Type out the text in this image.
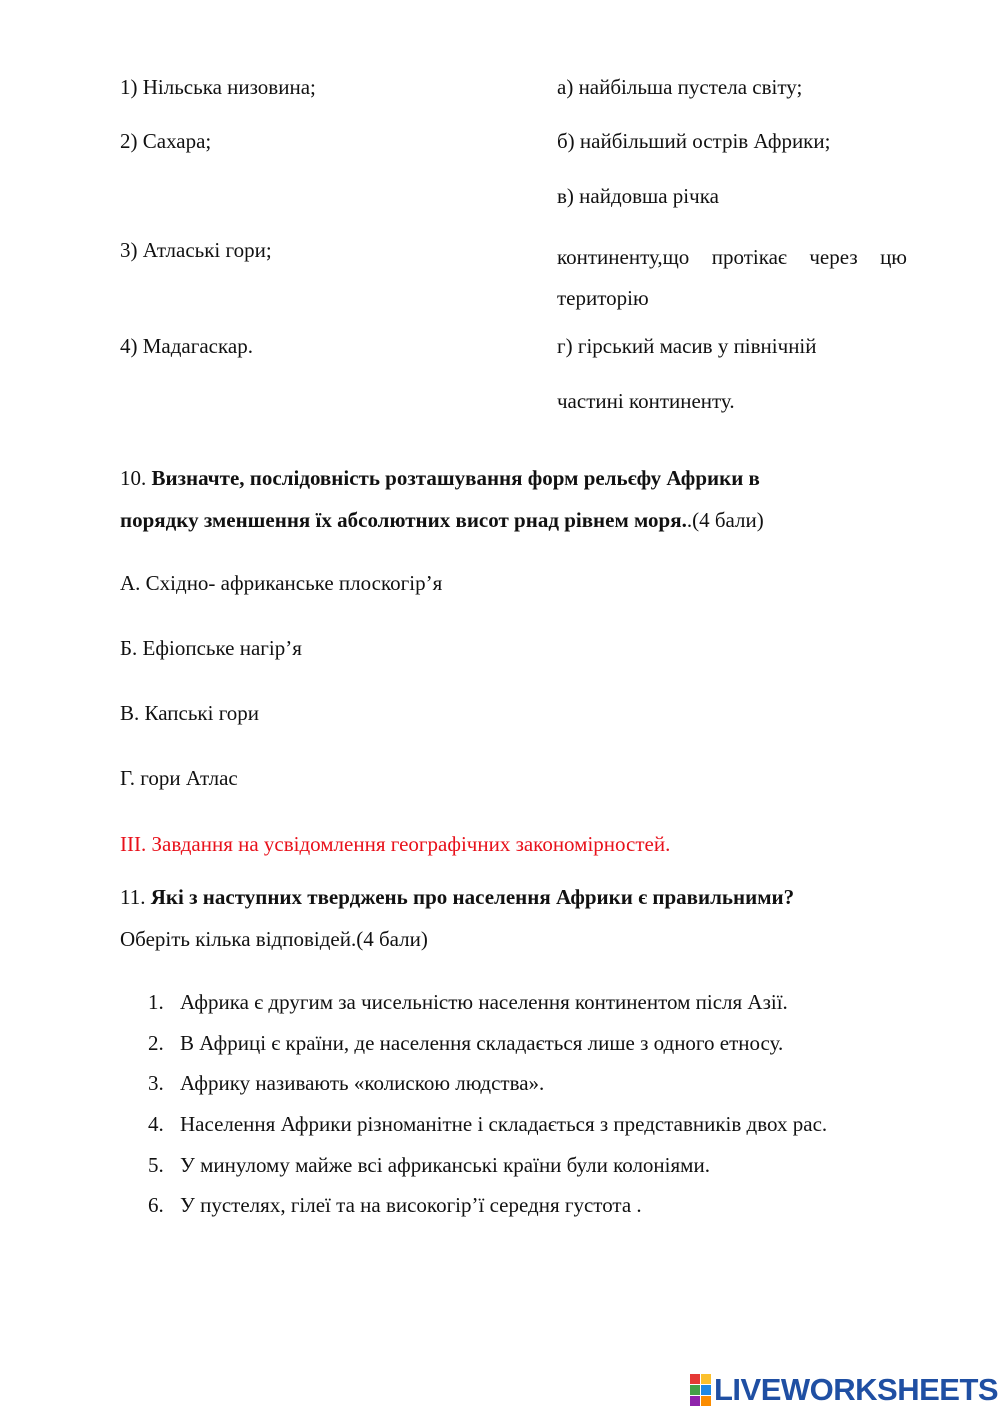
1) Нільська низовина;
2) Сахара;
3) Атлаські гори;
4) Мадагаскар.
а) найбільша пустела світу;
б) найбільший острів Африки;
в) найдовша річка
континенту,що протікає через цю територію
г) гірський масив у північній
частині континенту.
10. Визначте, послідовність розташування форм рельєфу Африки в
порядку зменшення їх абсолютних висот рнад рівнем моря..(4 бали)
А. Східно- африканське плоскогір’я
Б. Ефіопське нагір’я
В. Капські гори
Г. гори Атлас
ІІІ. Завдання на усвідомлення географічних закономірностей.
11. Які з наступних тверджень про населення Африки є правильними?
Оберіть кілька відповідей.(4 бали)
1. Африка є другим за чисельністю населення континентом після Азії.
2. В Африці є країни, де населення складається лише з одного етносу.
3. Африку називають «колискою людства».
4. Населення Африки різноманітне і складається з представників двох рас.
5. У минулому майже всі африканські країни були колоніями.
6. У пустелях, гілеї та на високогір’ї середня густота .
LIVEWORKSHEETS
